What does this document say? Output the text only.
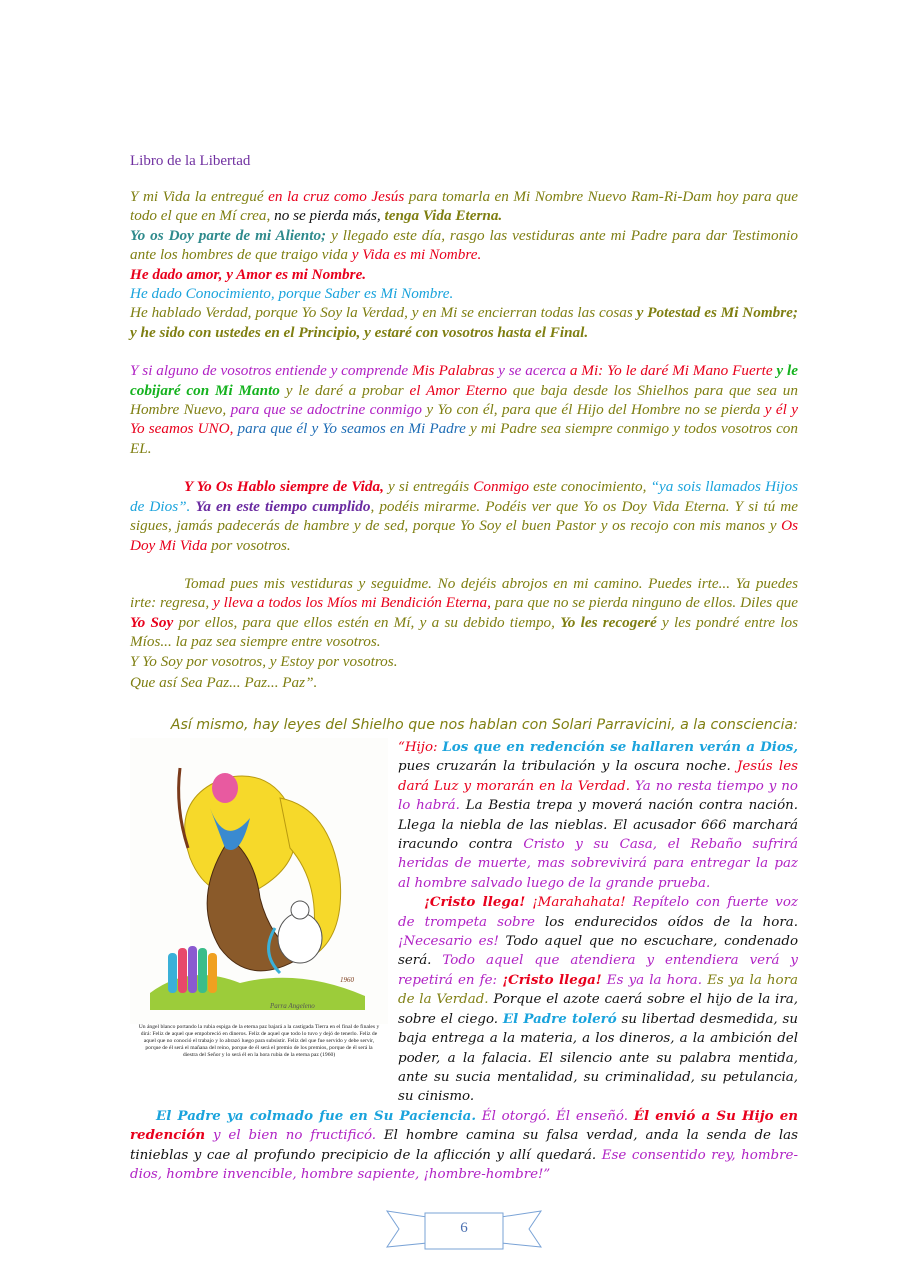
Libro de la Libertad

Y mi Vida la entregué en la cruz como Jesús para tomarla en Mi Nombre Nuevo Ram-Ri-Dam hoy para que todo el que en Mí crea, no se pierda más, tenga Vida Eterna.
Yo os Doy parte de mi Aliento; y llegado este día, rasgo las vestiduras ante mi Padre para dar Testimonio ante los hombres de que traigo vida y Vida es mi Nombre.
He dado amor, y Amor es mi Nombre.
He dado Conocimiento, porque Saber es Mi Nombre.
He hablado Verdad, porque Yo Soy la Verdad, y en Mi se encierran todas las cosas y Potestad es Mi Nombre; y he sido con ustedes en el Principio, y estaré con vosotros hasta el Final.

Y si alguno de vosotros entiende y comprende Mis Palabras y se acerca a Mi: Yo le daré Mi Mano Fuerte y le cobijaré con Mi Manto y le daré a probar el Amor Eterno que baja desde los Shielhos para que sea un Hombre Nuevo, para que se adoctrine conmigo y Yo con él, para que él Hijo del Hombre no se pierda y él y Yo seamos UNO, para que él y Yo seamos en Mi Padre y mi Padre sea siempre conmigo y todos vosotros con EL.

Y Yo Os Hablo siempre de Vida, y si entregáis Conmigo este conocimiento, “ya sois llamados Hijos de Dios”. Ya en este tiempo cumplido, podéis mirarme. Podéis ver que Yo os Doy Vida Eterna. Y si tú me sigues, jamás padecerás de hambre y de sed, porque Yo Soy el buen Pastor y os recojo con mis manos y Os Doy Mi Vida por vosotros.

Tomad pues mis vestiduras y seguidme. No dejéis abrojos en mi camino. Puedes irte... Ya puedes irte: regresa, y lleva a todos los Míos mi Bendición Eterna, para que no se pierda ninguno de ellos. Diles que Yo Soy por ellos, para que ellos estén en Mí, y a su debido tiempo, Yo les recogeré y les pondré entre los Míos... la paz sea siempre entre vosotros.
Y Yo Soy por vosotros, y Estoy por vosotros.

Que así Sea Paz... Paz... Paz”.

Así mismo, hay leyes del Shielho que nos hablan con Solari Parravicini, a la consciencia:
Parra Angeleno
1960
Un ángel blanco portando la rubia espiga de la eterna paz bajará a la castigada Tierra en el final de finales y dirá: Feliz de aquel que empobreció en dineros. Feliz de aquel que todo lo tuvo y dejó de tenerlo. Feliz de aquel que no conoció el trabajo y lo abrazó luego para subsistir. Feliz del que fue servido y debe servir, porque de él será el mañana del reino, porque de él será el premio de los premios, porque de él será la diestra del Señor y lo será él en la hora rubia de la eterna paz (1960)

“Hijo: Los que en redención se hallaren verán a Dios, pues cruzarán la tribulación y la oscura noche. Jesús les dará Luz y morarán en la Verdad. Ya no resta tiempo y no lo habrá. La Bestia trepa y moverá nación contra nación. Llega la niebla de las nieblas. El acusador 666 marchará iracundo contra Cristo y su Casa, el Rebaño sufrirá heridas de muerte, mas sobrevivirá para entregar la paz al hombre salvado luego de la grande prueba.

¡Cristo llega! ¡Marahahata! Repítelo con fuerte voz de trompeta sobre los endurecidos oídos de la hora. ¡Necesario es! Todo aquel que no escuchare, condenado será. Todo aquel que atendiera y entendiera verá y repetirá en fe: ¡Cristo llega! Es ya la hora. Es ya la hora de la Verdad. Porque el azote caerá sobre el hijo de la ira, sobre el ciego. El Padre toleró su libertad desmedida, su baja entrega a la materia, a los dineros, a la ambición del poder, a la falacia. El silencio ante su palabra mentida, ante su sucia mentalidad, su criminalidad, su petulancia, su cinismo.

El Padre ya colmado fue en Su Paciencia. Él otorgó. Él enseñó. Él envió a Su Hijo en redención y el bien no fructificó. El hombre camina su falsa verdad, anda la senda de las tinieblas y cae al profundo precipicio de la aflicción y allí quedará. Ese consentido rey, hombre-dios, hombre invencible, hombre sapiente, ¡hombre-hombre!”

6
